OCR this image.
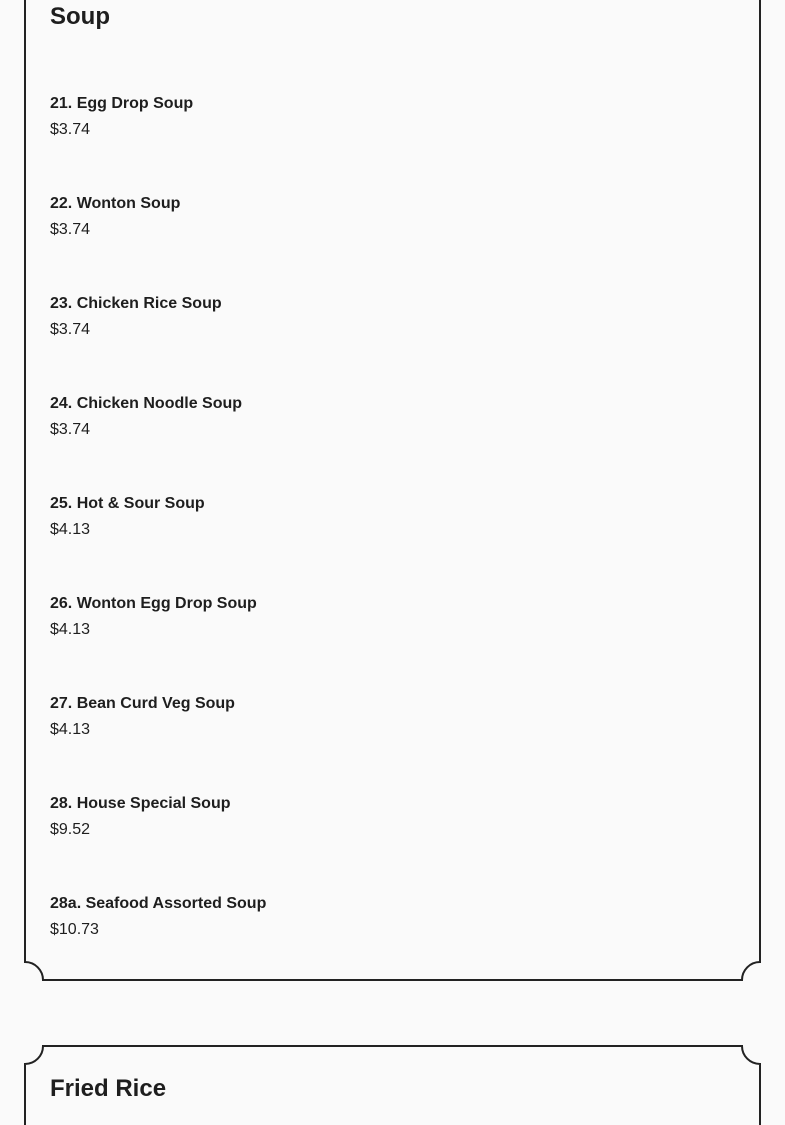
Soup
21. Egg Drop Soup
$3.74
22. Wonton Soup
$3.74
23. Chicken Rice Soup
$3.74
24. Chicken Noodle Soup
$3.74
25. Hot & Sour Soup
$4.13
26. Wonton Egg Drop Soup
$4.13
27. Bean Curd Veg Soup
$4.13
28. House Special Soup
$9.52
28a. Seafood Assorted Soup
$10.73
Fried Rice
